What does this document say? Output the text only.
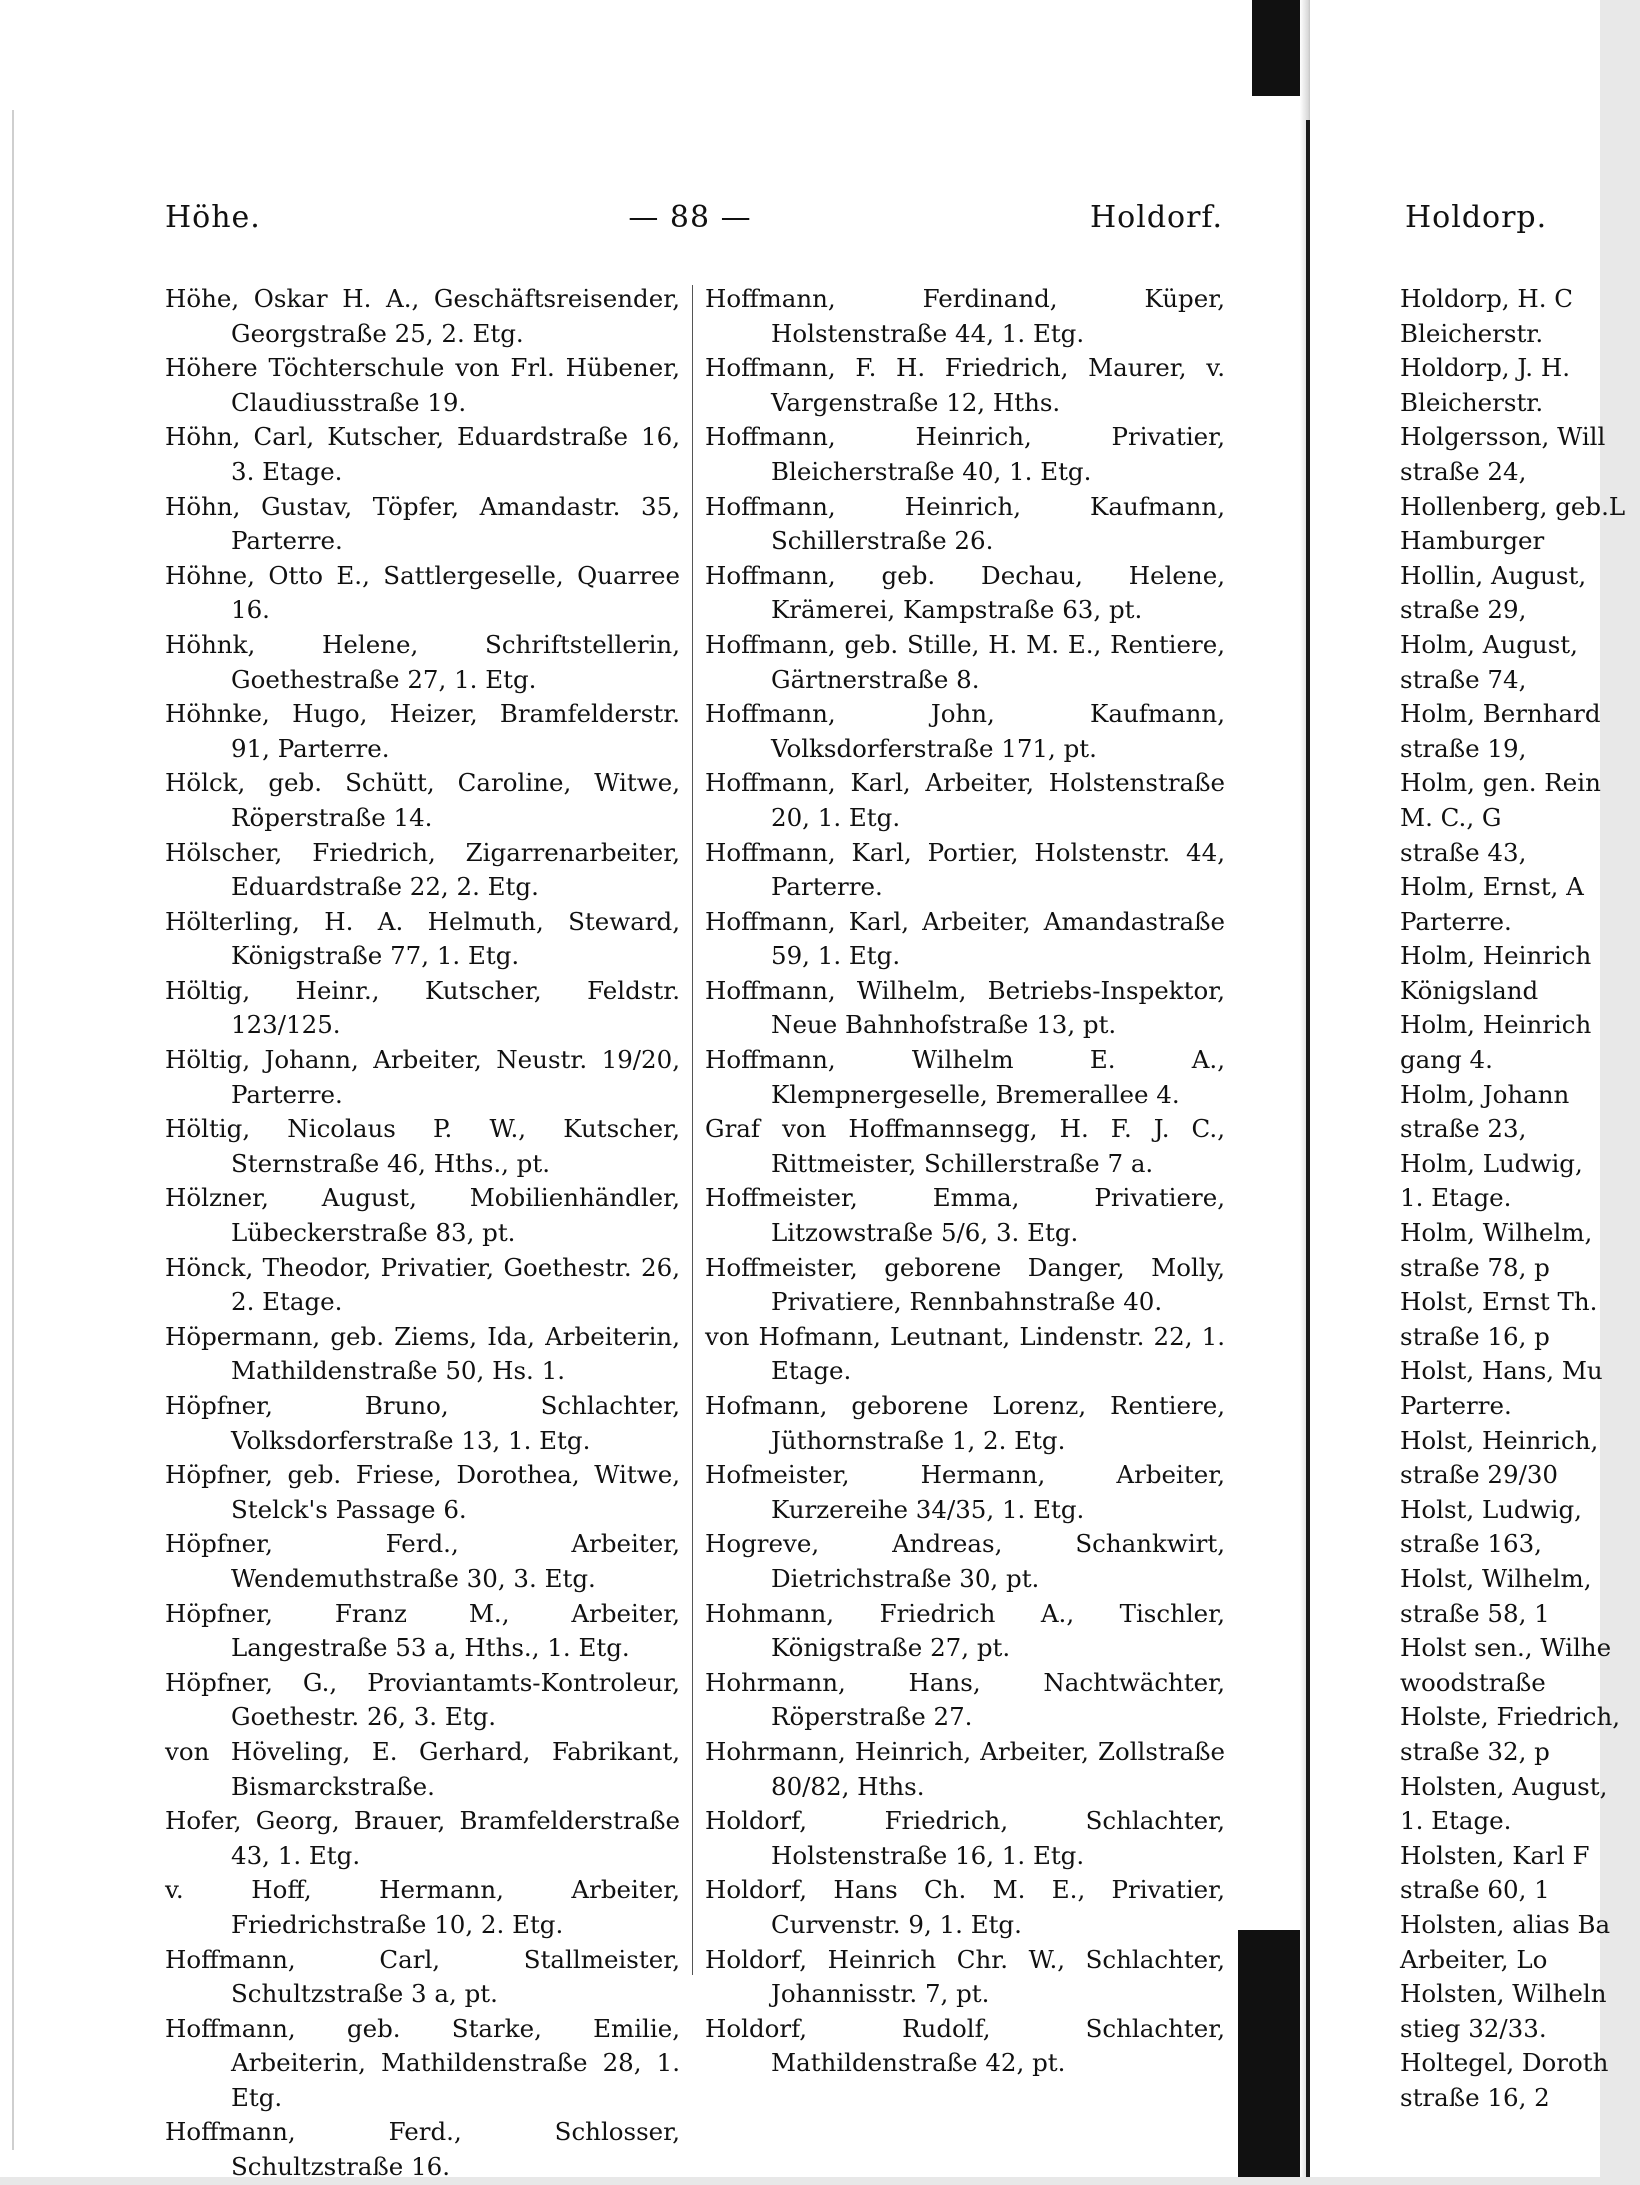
Höhe.	— 88 —	Holdorf.

Höhe, Oskar H. A., Geschäftsreisender, Georgstraße 25, 2. Etg.

Höhere Töchterschule von Frl. Hübener, Claudiusstraße 19.

Höhn, Carl, Kutscher, Eduardstraße 16, 3. Etage.

Höhn, Gustav, Töpfer, Amandastr. 35, Parterre.

Höhne, Otto E., Sattlergeselle, Quarree 16.

Höhnk, Helene, Schriftstellerin, Goethestraße 27, 1. Etg.

Höhnke, Hugo, Heizer, Bramfelderstr. 91, Parterre.

Hölck, geb. Schütt, Caroline, Witwe, Röperstraße 14.

Hölscher, Friedrich, Zigarrenarbeiter, Eduardstraße 22, 2. Etg.

Hölterling, H. A. Helmuth, Steward, Königstraße 77, 1. Etg.

Höltig, Heinr., Kutscher, Feldstr. 123/125.

Höltig, Johann, Arbeiter, Neustr. 19/20, Parterre.

Höltig, Nicolaus P. W., Kutscher, Sternstraße 46, Hths., pt.

Hölzner, August, Mobilienhändler, Lübeckerstraße 83, pt.

Hönck, Theodor, Privatier, Goethestr. 26, 2. Etage.

Höpermann, geb. Ziems, Ida, Arbeiterin, Mathildenstraße 50, Hs. 1.

Höpfner, Bruno, Schlachter, Volksdorferstraße 13, 1. Etg.

Höpfner, geb. Friese, Dorothea, Witwe, Stelck's Passage 6.

Höpfner, Ferd., Arbeiter, Wendemuthstraße 30, 3. Etg.

Höpfner, Franz M., Arbeiter, Langestraße 53 a, Hths., 1. Etg.

Höpfner, G., Proviantamts-Kontroleur, Goethestr. 26, 3. Etg.

von Höveling, E. Gerhard, Fabrikant, Bismarckstraße.

Hofer, Georg, Brauer, Bramfelderstraße 43, 1. Etg.

v. Hoff, Hermann, Arbeiter, Friedrichstraße 10, 2. Etg.

Hoffmann, Carl, Stallmeister, Schultzstraße 3 a, pt.

Hoffmann, geb. Starke, Emilie, Arbeiterin, Mathildenstraße 28, 1. Etg.

Hoffmann, Ferd., Schlosser, Schultzstraße 16.

Hoffmann, Ferdinand, Küper, Holstenstraße 44, 1. Etg.

Hoffmann, F. H. Friedrich, Maurer, v. Vargenstraße 12, Hths.

Hoffmann, Heinrich, Privatier, Bleicherstraße 40, 1. Etg.

Hoffmann, Heinrich, Kaufmann, Schillerstraße 26.

Hoffmann, geb. Dechau, Helene, Krämerei, Kampstraße 63, pt.

Hoffmann, geb. Stille, H. M. E., Rentiere, Gärtnerstraße 8.

Hoffmann, John, Kaufmann, Volksdorferstraße 171, pt.

Hoffmann, Karl, Arbeiter, Holstenstraße 20, 1. Etg.

Hoffmann, Karl, Portier, Holstenstr. 44, Parterre.

Hoffmann, Karl, Arbeiter, Amandastraße 59, 1. Etg.

Hoffmann, Wilhelm, Betriebs-Inspektor, Neue Bahnhofstraße 13, pt.

Hoffmann, Wilhelm E. A., Klempnergeselle, Bremerallee 4.

Graf von Hoffmannsegg, H. F. J. C., Rittmeister, Schillerstraße 7 a.

Hoffmeister, Emma, Privatiere, Litzowstraße 5/6, 3. Etg.

Hoffmeister, geborene Danger, Molly, Privatiere, Rennbahnstraße 40.

von Hofmann, Leutnant, Lindenstr. 22, 1. Etage.

Hofmann, geborene Lorenz, Rentiere, Jüthornstraße 1, 2. Etg.

Hofmeister, Hermann, Arbeiter, Kurzereihe 34/35, 1. Etg.

Hogreve, Andreas, Schankwirt, Dietrichstraße 30, pt.

Hohmann, Friedrich A., Tischler, Königstraße 27, pt.

Hohrmann, Hans, Nachtwächter, Röperstraße 27.

Hohrmann, Heinrich, Arbeiter, Zollstraße 80/82, Hths.

Holdorf, Friedrich, Schlachter, Holstenstraße 16, 1. Etg.

Holdorf, Hans Ch. M. E., Privatier, Curvenstr. 9, 1. Etg.

Holdorf, Heinrich Chr. W., Schlachter, Johannisstr. 7, pt.

Holdorf, Rudolf, Schlachter, Mathildenstraße 42, pt.

Holdorp.

Holdorp, H. C

Bleicherstr.

Holdorp, J. H.

Bleicherstr.

Holgersson, Will

straße 24,

Hollenberg, geb.L

Hamburger

Hollin, August,

straße 29,

Holm, August,

straße 74,

Holm, Bernhard

straße 19,

Holm, gen. Rein

M. C., G

straße 43,

Holm, Ernst, A

Parterre.

Holm, Heinrich

Königsland

Holm, Heinrich

gang 4.

Holm, Johann

straße 23,

Holm, Ludwig,

1. Etage.

Holm, Wilhelm,

straße 78, p

Holst, Ernst Th.

straße 16, p

Holst, Hans, Mu

Parterre.

Holst, Heinrich,

straße 29/30

Holst, Ludwig,

straße 163,

Holst, Wilhelm,

straße 58, 1

Holst sen., Wilhe

woodstraße

Holste, Friedrich,

straße 32, p

Holsten, August,

1. Etage.

Holsten, Karl F

straße 60, 1

Holsten, alias Ba

Arbeiter, Lo

Holsten, Wilheln

stieg 32/33.

Holtegel, Doroth

straße 16, 2
